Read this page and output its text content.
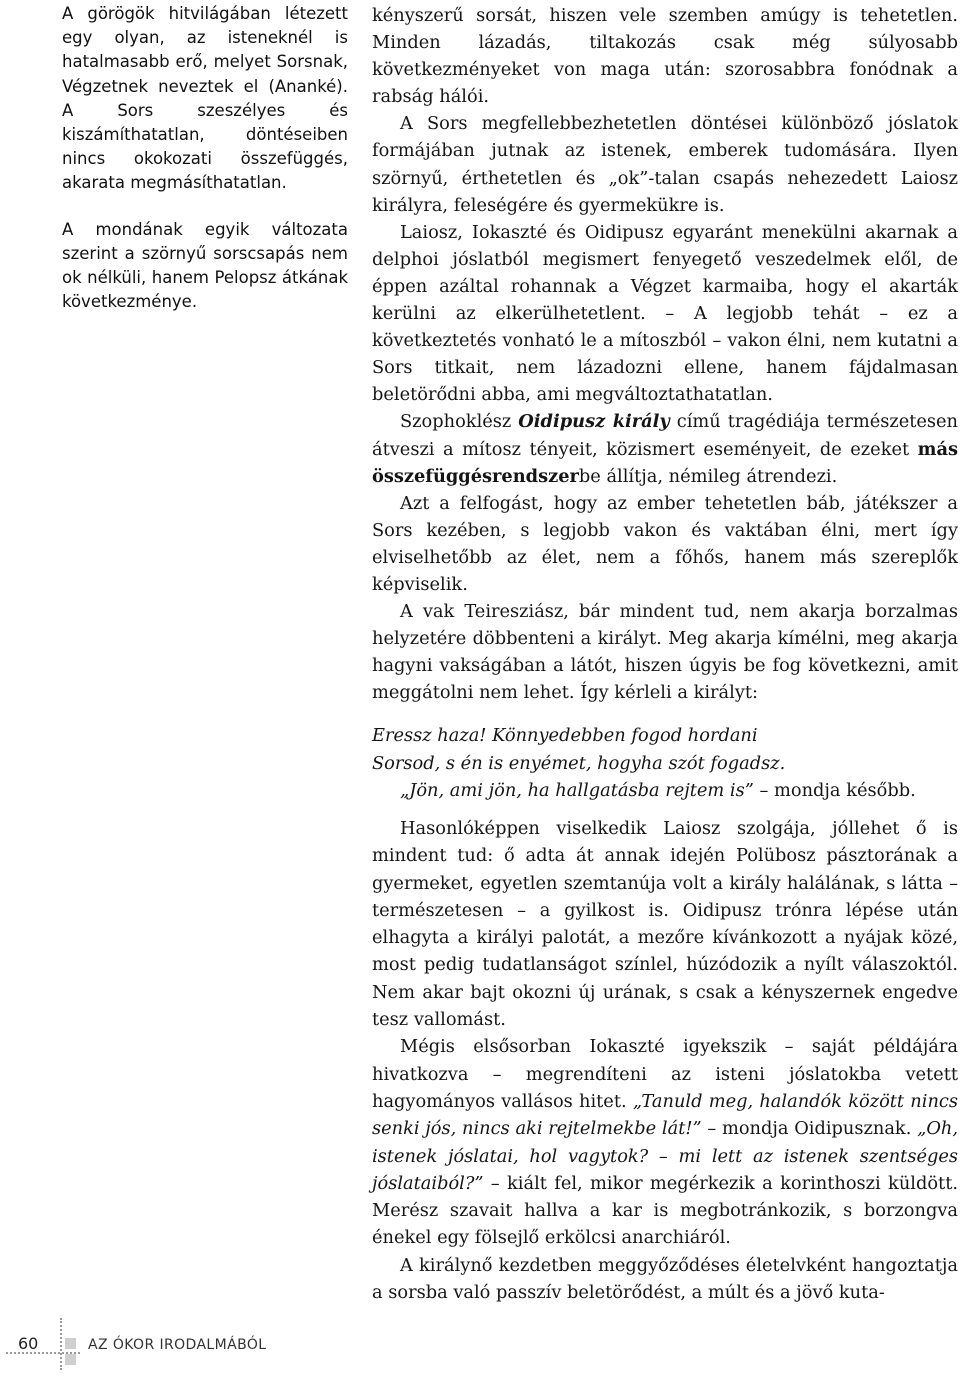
A görögök hitvilágában létezett egy olyan, az isteneknél is hatalmasabb erő, melyet Sorsnak, Végzetnek neveztek el (Ananké). A Sors szeszélyes és kiszámíthatatlan, döntéseiben nincs okokozati összefüggés, akarata megmásíthatatlan.

A mondának egyik változata szerint a szörnyű sorscsapás nem ok nélküli, hanem Pelopsz átkának következménye.

kényszerű sorsát, hiszen vele szemben amúgy is tehetetlen. Minden lázadás, tiltakozás csak még súlyosabb következményeket von maga után: szorosabbra fonódnak a rabság hálói.

A Sors megfellebbezhetetlen döntései különböző jóslatok formájában jutnak az istenek, emberek tudomására. Ilyen szörnyű, érthetetlen és „ok”-talan csapás nehezedett Laiosz királyra, feleségére és gyermekükre is.

Laiosz, Iokaszté és Oidipusz egyaránt menekülni akarnak a delphoi jóslatból megismert fenyegető veszedelmek elől, de éppen azáltal rohannak a Végzet karmaiba, hogy el akarták kerülni az elkerülhetetlent. – A legjobb tehát – ez a következtetés vonható le a mítoszból – vakon élni, nem kutatni a Sors titkait, nem lázadozni ellene, hanem fájdalmasan beletörődni abba, ami megváltoztathatatlan.

Szophoklész Oidipusz király című tragédiája természetesen átveszi a mítosz tényeit, közismert eseményeit, de ezeket más összefüggésrendszerbe állítja, némileg átrendezi.

Azt a felfogást, hogy az ember tehetetlen báb, játékszer a Sors kezében, s legjobb vakon és vaktában élni, mert így elviselhetőbb az élet, nem a főhős, hanem más szereplők képviselik.

A vak Teiresziász, bár mindent tud, nem akarja borzalmas helyzetére döbbenteni a királyt. Meg akarja kímélni, meg akarja hagyni vakságában a látót, hiszen úgyis be fog következni, amit meggátolni nem lehet. Így kérleli a királyt:

Eressz haza! Könnyedebben fogod hordani
Sorsod, s én is enyémet, hogyha szót fogadsz.

„Jön, ami jön, ha hallgatásba rejtem is” – mondja később.

Hasonlóképpen viselkedik Laiosz szolgája, jóllehet ő is mindent tud: ő adta át annak idején Polübosz pásztorának a gyermeket, egyetlen szemtanúja volt a király halálának, s látta – természetesen – a gyilkost is. Oidipusz trónra lépése után elhagyta a királyi palotát, a mezőre kívánkozott a nyájak közé, most pedig tudatlanságot színlel, húzódozik a nyílt válaszoktól. Nem akar bajt okozni új urának, s csak a kényszernek engedve tesz vallomást.

Mégis elsősorban Iokaszté igyekszik – saját példájára hivatkozva – megrendíteni az isteni jóslatokba vetett hagyományos vallásos hitet. „Tanuld meg, halandók között nincs senki jós, nincs aki rejtelmekbe lát!” – mondja Oidipusznak. „Oh, istenek jóslatai, hol vagytok? – mi lett az istenek szentséges jóslataiból?” – kiált fel, mikor megérkezik a korinthoszi küldött. Merész szavait hallva a kar is megbotránkozik, s borzongva énekel egy fölsejlő erkölcsi anarchiáról.

A királynő kezdetben meggyőződéses életelvként hangoztatja a sorsba való passzív beletörődést, a múlt és a jövő kuta-

60	AZ ÓKOR IRODALMÁBÓL
